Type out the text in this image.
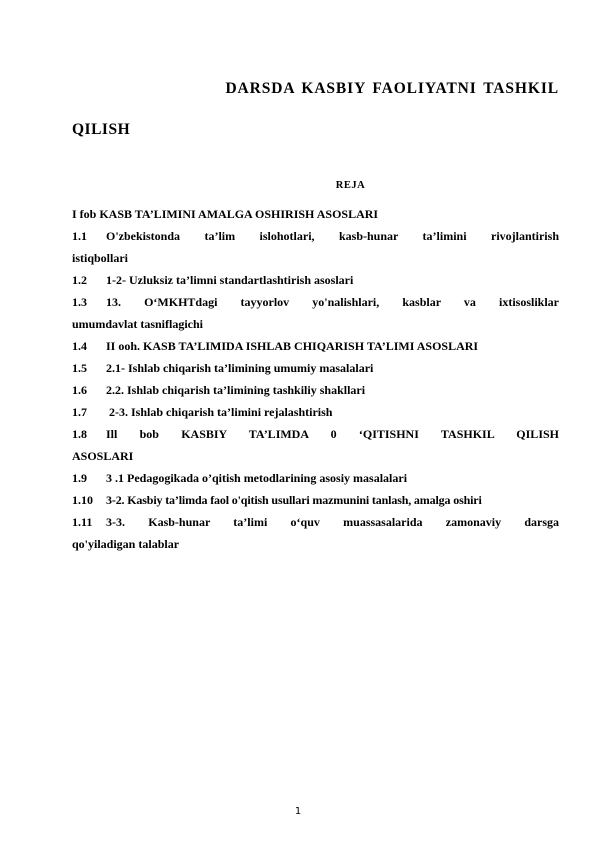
DARSDA KASBIY FAOLIYATNI TASHKIL
QILISH
REJA
I fob KASB TA’LIMINI AMALGA OSHIRISH ASOSLARI
1.1	O'zbekistonda ta’lim islohotlari, kasb-hunar ta’limini rivojlantirish
istiqbollari
1.2	1-2- Uzluksiz ta’limni standartlashtirish asoslari
1.3	13. O‘MKHTdagi tayyorlov yo'nalishlari, kasblar va ixtisosliklar
umumdavlat tasniflagichi
1.4	II ooh. KASB TA’LIMIDA ISHLAB CHIQARISH TA’LIMI ASOSLARI
1.5	2.1- Ishlab chiqarish ta’limining umumiy masalalari
1.6	2.2. Ishlab chiqarish ta’limining tashkiliy shakllari
1.7	2-3. Ishlab chiqarish ta’limini rejalashtirish
1.8	Ill bob KASBIY TA’LIMDA 0 ‘QITISHNI TASHKIL QILISH
ASOSLARI
1.9	3 .1 Pedagogikada o’qitish metodlarining asosiy masalalari
1.10	3-2. Kasbiy ta’limda faol o'qitish usullari mazmunini tanlash, amalga oshiri
1.11	3-3. Kasb-hunar ta’limi o‘quv muassasalarida zamonaviy darsga
qo'yiladigan talablar
1
